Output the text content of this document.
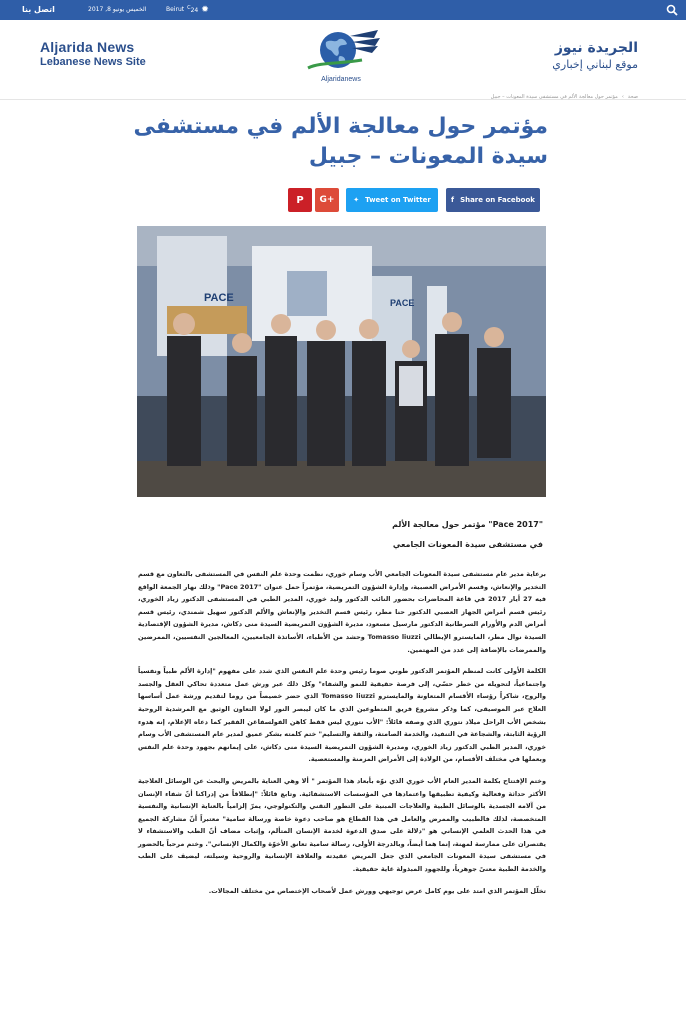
اتصل بنا	الخميس يونيو 8, 2017	Beirut $^C$24 ✹
Aljarida News
Lebanese News Site
Aljaridanews
الجريدة نيوز
موقع لبناني إخباري
صحة
›
مؤتمر حول معالجة الألم في مستشفى سيدة المعونات – جبيل
مؤتمر حول معالجة الألم في مستشفى سيدة المعونات – جبيل
f Share on Facebook
✦ Tweet on Twitter
G+
P
PACE	PACE
"Pace 2017" مؤتمر حول معالجة الألم
في مستشفى سيدة المعونات الجامعي

برعاية مدير عام مستشفى سيدة المعونات الجامعي الأب وسام خوري، نظمت وحدة علم النفس في المستشفى بالتعاون مع قسم التخدير والإنعاش، وقسم الأمراض العصبية، وإدارة الشؤون التمريضية، مؤتمراً حمل عنوان "Pace 2017" وذلك نهار الجمعة الواقع فيه 27 أيار 2017 في قاعة المحاضرات بحضور النائب الدكتور وليد خوري، المدير الطبي في المستشفى الدكتور زياد الخوري، رئيس قسم أمراض الجهاز العصبي الدكتور حنا مطر، رئيس قسم التخدير والإنعاش والألم الدكتور سهيل شمندي، رئيس قسم أمراض الدم والأورام السرطانية الدكتور مارسيل مسعود، مديرة الشؤون التمريضية السيدة منى دكاش، مديرة الشؤون الإقتصادية السيدة نوال مطر، المايسترو الإيطالي Tomasso liuzzi وحشد من الأطباء، الأساتذة الجامعيين، المعالجين النفسيين، الممرضين والممرضات بالإضافة إلى عدد من المهتمين.

الكلمة الأولى كانت لمنظم المؤتمر الدكتور طوني صوما رئيس وحدة علم النفس الذي شدد على مفهوم "إدارة الألم طبياً ونفسياً واجتماعياً، لتحويله من خطر حسّي، إلى فرصة حقيقية للنمو والشفاء" وكل ذلك عبر ورش عمل متعددة تحاكي العقل والجسد والروح، شاكراً رؤساء الأقسام المتعاونة والمايسترو Tomasso liuzzi الذي حضر خصيصاً من روما لتقديم ورشة عمل أساسها العلاج عبر الموسيقى، كما وذكر مشروع فريق المتطوعين الذي ما كان ليبصر النور لولا التعاون الوثيق مع المرشدية الروحية بشخص الأب الراحل ميلاد نتوري الذي وصفه قائلاً: "الأب نتوري ليس فقط كاهن الفولسفاغن الفقير كما دعاه الإعلام، إنه هدوء الرؤية الثابتة، والشجاعة في التنفيذ، والخدمة الصامتة، والثقة والتسليم" ختم كلمته بشكر عميق لمدير عام المستشفى الأب وسام خوري، المدير الطبي الدكتور زياد الخوري، ومديرة الشؤون التمريضية السيدة منى دكاش، على إيمانهم بجهود وحدة علم النفس وبعملها في مختلف الأقسام، من الولادة إلى الأمراض المزمنة والمستعصية.

وختم الإفتتاح بكلمة المدير العام الأب خوري الذي نوّه بأبعاد هذا المؤتمر " ألا وهي العناية بالمريض والبحث عن الوسائل العلاجية الأكثر حداثة وفعالية وكيفية تطبيقها واعتمادها في المؤسسات الاستشفائية. وتابع قائلاً: "إنطلاقاً من إدراكنا أنّ شفاء الإنسان من آلامه الجسدية بالوسائل الطبية والعلاجات المبنية على التطور التقني والتكنولوجي، يمرّ إلزامياً بالعناية الإنسانية والنفسية المتخصصة، لذلك فالطبيب والممرض والعامل في هذا القطاع هو صاحب دعوة خاصة ورسالة سامية" معتبراً أنّ مشاركة الجميع في هذا الحدث العلمي الإنساني هو "دلالة على صدق الدعوة لخدمة الإنسان المتألم، وإثبات مضاف أنّ الطب والاستشفاء لا يقتصران على ممارسة لمهنة، إنما هما أيضاً، وبالدرجة الأولى، رسالة سامية تعانق الأخوّة والكمال الإنساني". وختم مرحباً بالحضور في مستشفى سيدة المعونات الجامعي الذي جعل المريض عقيدته والعلاقة الإنسانية والروحية وسيلته، ليضيف على الطب والخدمة الطبية معنىً جوهرياً، وللجهود المبذولة غاية حقيقية.

تخلّل المؤتمر الذي امتد على يوم كامل عرض توجيهي وورش عمل لأصحاب الإختصاص من مختلف المجالات.
